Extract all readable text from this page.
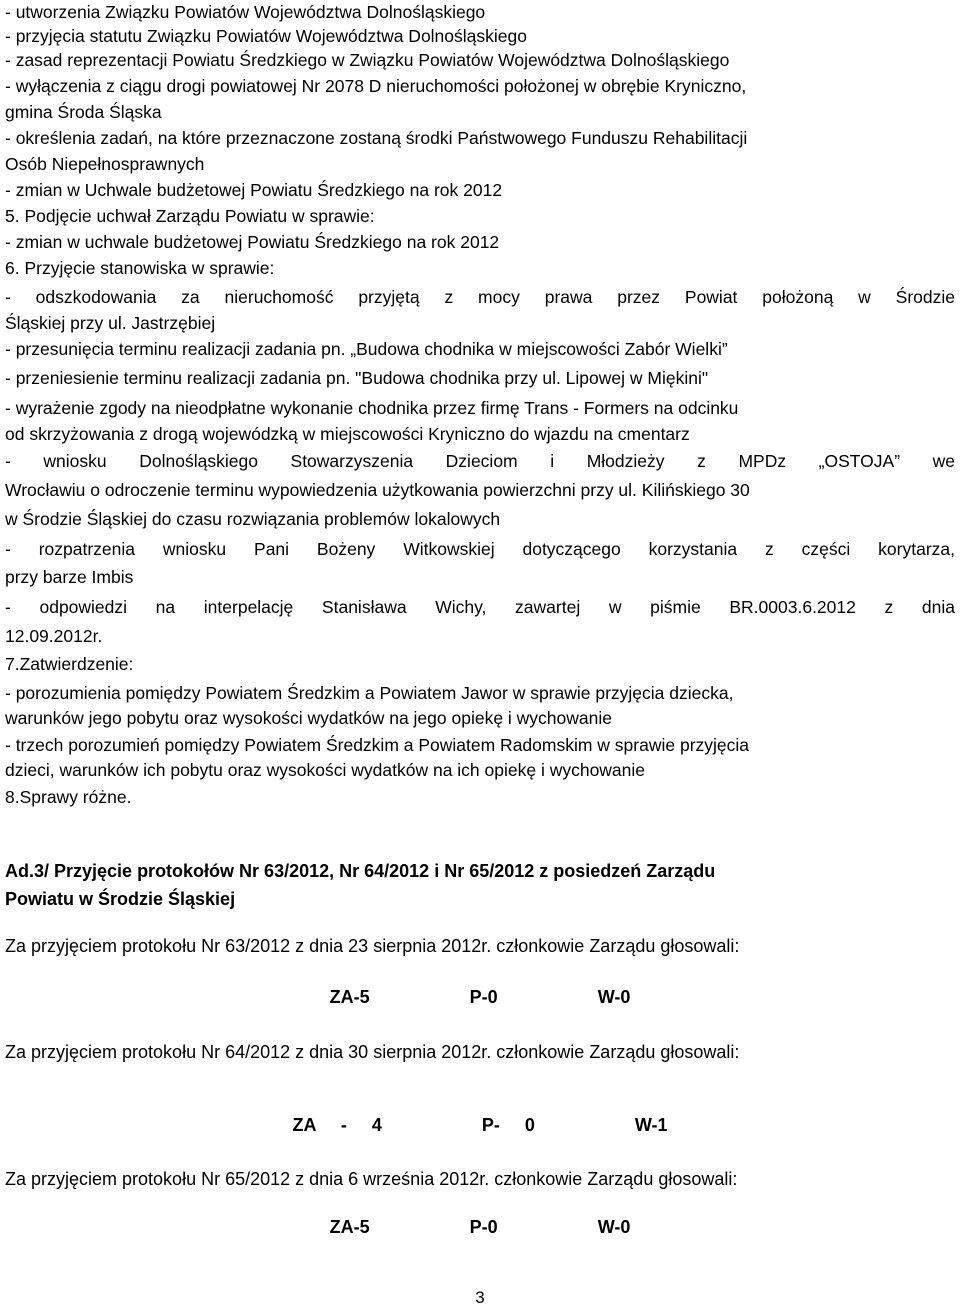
- utworzenia Związku Powiatów Województwa Dolnośląskiego
- przyjęcia statutu Związku Powiatów Województwa Dolnośląskiego
- zasad reprezentacji Powiatu Średzkiego w Związku Powiatów Województwa Dolnośląskiego
- wyłączenia z ciągu drogi powiatowej Nr 2078 D nieruchomości położonej w obrębie Kryniczno,
gmina Środa Śląska
- określenia zadań, na które przeznaczone zostaną środki Państwowego Funduszu Rehabilitacji
Osób Niepełnosprawnych
- zmian w Uchwale budżetowej Powiatu Średzkiego na rok 2012
5. Podjęcie uchwał Zarządu Powiatu w sprawie:
- zmian w uchwale budżetowej Powiatu Średzkiego na rok 2012
6. Przyjęcie stanowiska w sprawie:
- odszkodowania za nieruchomość przyjętą z mocy prawa przez Powiat położoną w Środzie
Śląskiej przy ul. Jastrzębiej
- przesunięcia terminu realizacji zadania pn. „Budowa chodnika w miejscowości Zabór Wielki”
- przeniesienie terminu realizacji zadania pn. "Budowa chodnika przy ul. Lipowej w Miękini"
- wyrażenie zgody na nieodpłatne wykonanie chodnika przez firmę Trans - Formers na odcinku
od skrzyżowania z drogą wojewódzką w miejscowości Kryniczno do wjazdu na cmentarz
- wniosku Dolnośląskiego Stowarzyszenia Dzieciom i Młodzieży z MPDz „OSTOJA” we
Wrocławiu o odroczenie terminu wypowiedzenia użytkowania powierzchni przy ul. Kilińskiego 30
w Środzie Śląskiej do czasu rozwiązania problemów lokalowych
- rozpatrzenia wniosku Pani Bożeny Witkowskiej dotyczącego korzystania z części korytarza,
przy barze Imbis
- odpowiedzi na interpelację Stanisława Wichy, zawartej w piśmie BR.0003.6.2012 z dnia
12.09.2012r.
7.Zatwierdzenie:
- porozumienia pomiędzy Powiatem Średzkim a Powiatem Jawor w sprawie przyjęcia dziecka,
warunków jego pobytu oraz wysokości wydatków na jego opiekę i wychowanie
- trzech porozumień pomiędzy Powiatem Średzkim a Powiatem Radomskim w sprawie przyjęcia
dzieci, warunków ich pobytu oraz wysokości wydatków na ich opiekę i wychowanie
8.Sprawy różne.
Ad.3/ Przyjęcie protokołów Nr 63/2012, Nr 64/2012 i Nr 65/2012 z posiedzeń Zarządu
Powiatu w Środzie Śląskiej
Za przyjęciem protokołu Nr 63/2012 z dnia 23 sierpnia 2012r. członkowie Zarządu głosowali:
ZA-5    P-0    W-0
Za przyjęciem protokołu Nr 64/2012 z dnia 30 sierpnia 2012r. członkowie Zarządu głosowali:
ZA - 4    P- 0    W-1
Za przyjęciem protokołu Nr 65/2012 z dnia 6 września 2012r. członkowie Zarządu głosowali:
ZA-5    P-0    W-0
3
